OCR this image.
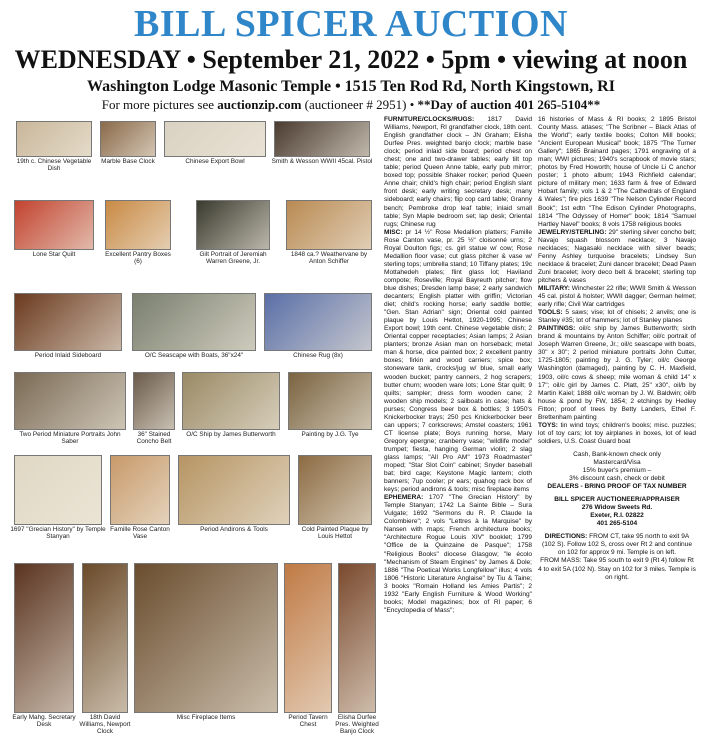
BILL SPICER AUCTION
WEDNESDAY • September 21, 2022 • 5pm • viewing at noon
Washington Lodge Masonic Temple • 1515 Ten Rod Rd, North Kingstown, RI
For more pictures see auctionzip.com (auctioneer # 2951) • **Day of auction 401 265-5104**
19th c. Chinese Vegetable Dish
Marble Base Clock	Chinese Export Bowl	Smith & Wesson WWII 45cal. Pistol
Lone Star Quilt	Excellent Pantry Boxes (6)
Gilt Portrait of Jeremiah Warren Greene, Jr.
1848 ca.? Weathervane by Anton Schiffer
Period Inlaid Sideboard	O/C Seascape with Boats, 36"x24"	Chinese Rug (8x)
Two Period Miniature Portraits John Saber
36" Stained Concho Belt
O/C Ship by James Butterworth	Painting by J.G. Tye
1697 "Grecian History" by Temple Stanyan
Famille Rose Canton Vase
Period Andirons & Tools	Cold Painted Plaque by Louis Hettot
Early Mahg. Secretary Desk
18th David Williams, Newport Clock
Misc Fireplace Items	Period Tavern Chest
Elisha Durfee Pres. Weighted Banjo Clock

FURNITURE/CLOCKS/RUGS: 1817 David Williams, Newport, RI grandfather clock, 18th cent. English grandfather clock – JN Graham; Elisha Durfee Pres. weighted banjo clock; marble base clock; period inlaid side board; period chest on chest; one and two-drawer tables; early tilt top table; period Queen Anne table, early pub mirror; boxed top; possible Shaker rocker; period Queen Anne chair; child's high chair; period English slant front desk; early writing secretary desk; many sideboard; early chairs; flip cop card table; Granny bench; Pembroke drop leaf table; inlaid small table; Syn Maple bedroom set; lap desk; Oriental rugs; Chinese rug

MISC: pr 14 ½" Rose Medallion platters; Famille Rose Canton vase, pr. 25 ½" cloisonné urns; 2 Royal Doulton figs; cs. girl statue w/ cow; Rose Medallion floor vase; cut glass pitcher & vase w/ sterling tops; umbrella stand; 10 Tiffany plates; 19c Mottahedeh plates; flint glass lot; Haviland compote; Roseville; Royal Bayreuth pitcher; flow blue dishes; Dresden lamp base; 2 early sandwich decanters; English platter with griffin; Victorian diet; child's rocking horse; early saddle bottle; "Gen. Stan Adrian" sign; Oriental cold painted plaque by Louis Hettot, 1920-1995; Chinese Export bowl; 19th cent. Chinese vegetable dish; 2 Oriental copper receptacles; Asian lamps; 2 Asian planters; bronze Asian man on horseback; metal man & horse, dice painted box; 2 excellent pantry boxes; firkin and wood carriers; spice box; stoneware tank, crocks/jug w/ blue, small early wooden bucket; pantry canners, 2 hog scrapers; butter churn; wooden ware lots; Lone Star quilt; 9 quilts; sampler; dress form wooden cane; 2 wooden ship models; 2 sailboats in case; hats & purses; Congress beer box & bottles; 3 1950's Knickerbocker trays; 250 pcs Knickerbocker beer can uppers; 7 corkscrews; Amstel coasters; 1961 CT license plate; Boys running horse, Mary Gregory epergne; cranberry vase; "wildlife model" trumpet; fiesta, hanging German violin; 2 slag glass lamps; "All Pro AM" 1973 Roadmaster" moped; "Star Slot Coin" cabinet; Snyder baseball bat; bird cage; Keystone Magic lantern; cloth banners; 7up cooler; pr ears; quahog rack box of keys; period andirons & tools; misc fireplace items

EPHEMERA: 1707 "The Grecian History" by Temple Stanyan; 1742 La Sainte Bible – Sura Vulgate; 1692 "Sermons du R. P. Claude la Colombiere"; 2 vols "Lettres à la Marquise" by Nansen with maps; French architecture books; "Architecture Rogue Louis XIV" booklet; 1799 "Office de la Quinzaine de Pasque"; 1758 "Religious Books" diocese Glasgow; "le écolo "Mechanism of Steam Engines" by James & Dole; 1886 "The Poetical Works Longfellow" illus; 4 vols 1806 "Historic Literature Anglaise" by Tiu & Taine; 3 books "Romain Holland les Amies Partis"; 2 1932 "Early English Furniture & Wood Working" books; Model magazines; box of RI paper; 6 "Encyclopedia of Mass";

16 histories of Mass & RI books; 2 1895 Bristol County Mass. atlases; "The Scribner – Black Atlas of the World"; early textile books; Colton Mill books; "Ancient European Musical" book; 1875 "The Turner Gallery"; 1865 Brainard pages; 1791 engraving of a man; WWI pictures; 1940's scrapbook of movie stars; photos by Fred Howorth; house of Uncle Li C anchor poster; 1 photo album; 1943 Richfield calendar; picture of military men; 1633 farm & free of Edward Hobart family; vols 1 & 2 "The Cathedrals of England & Wales"; fire pics 1639 "The Nelson Cylinder Record Book"; 1st edtn "The Edison Cylinder Photographs, 1814 "The Odyssey of Homer" book; 1814 "Samuel Hartley Navel" books; 8 vols 1758 religious books

JEWELRY/STERLING: 29" sterling silver concho belt; Navajo squash blossom necklace; 3 Navajo necklaces; Nagasaki necklace with silver beads; Fenny Ashley turquoise bracelets; Lindsey Sun necklace & bracelet; Zuni dancer bracelet; Dead Pawn Zuni bracelet; ivory deco belt & bracelet; sterling top pitchers & vases

MILITARY: Winchester 22 rifle; WWII Smith & Wesson 45 cal. pistol & holster; WWII dagger; German helmet; early rifle; Civil War cartridges

TOOLS: 5 saws; vise; lot of chisels; 2 anvils; one is Stanley #35; lot of hammers; lot of Stanley planes

PAINTINGS: oil/c ship by James Butterworth; sixth brand & mountains by Anton Schiffer; oil/c portrait of Joseph Warren Greene, Jr.; oil/c seascape with boats, 30" x 30"; 2 period miniature portraits John Cutter, 1725-1805; painting by J. G. Tyler; oil/c George Washington (damaged), painting by C. H. Maxfield, 1903, oil/c cows & sheep; mile woman & child 14" x 17"; oil/c girl by James C. Platt, 25" x30", oil/b by Martin Kaiel; 1888 oil/c woman by J. W. Baldwin; oil/b house & pond by FW, 1854; 2 etchings by Hedley Fitton; proof of trees by Betty Landers, Ethel F. Brettenham painting

TOYS: tin wind toys; children's books; misc. puzzles; lot of toy cars; lot toy airplanes in boxes, lot of lead soldiers, U.S. Coast Guard boat

Cash, Bank-known check only

Mastercard/Visa

15% buyer's premium –

3% discount cash, check or debit

DEALERS - BRING PROOF OF TAX NUMBER

BILL SPICER AUCTIONEER/APPRAISER

276 Widow Sweets Rd.

Exeter, R.I. 02822

401 265-5104

DIRECTIONS: FROM CT, take 95 north to exit 9A (102 S). Follow 102 S, cross over Rt 2 and continue on 102 for approx 9 mi. Temple is on left.

FROM MASS: Take 95 south to exit 9 (Rt 4) follow Rt 4 to exit 5A (102 N). Stay on 102 for 3 miles. Temple is on right.
